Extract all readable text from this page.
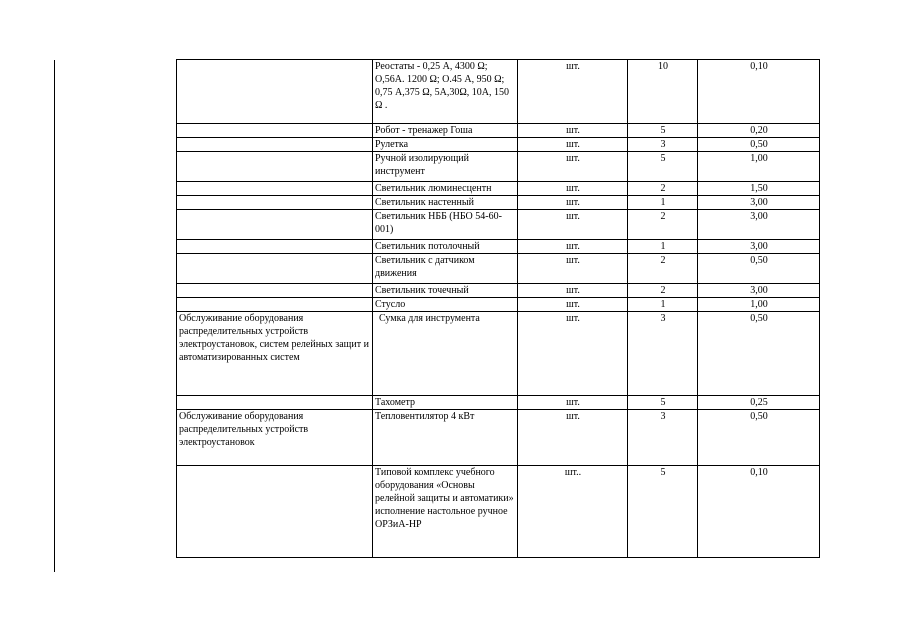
	Реостаты - 0,25 А, 4300 Ω; О,56А. 1200 Ω; О.45 А, 950 Ω; 0,75 А,375 Ω, 5А,30Ω, 10А, 150 Ω .	шт.	10	0,10
	Робот - тренажер Гоша	шт.	5	0,20
	Рулетка	шт.	3	0,50
	Ручной изолирующий инструмент	шт.	5	1,00
	Светильник люминесцентн	шт.	2	1,50
	Светильник настенный	шт.	1	3,00
	Светильник НББ (НБО 54-60-001)	шт.	2	3,00
	Светильник потолочный	шт.	1	3,00
	Светильник с датчиком движения	шт.	2	0,50
	Светильник точечный	шт.	2	3,00
	Стусло	шт.	1	1,00
Обслуживание оборудования распределительных устройств электроустановок, систем релейных защит и автоматизированных систем	Сумка для инструмента	шт.	3	0,50
	Тахометр	шт.	5	0,25
Обслуживание оборудования распределительных устройств электроустановок	Тепловентилятор 4 кВт	шт.	3	0,50
	Типовой комплекс учебного оборудования «Основы релейной защиты и автоматики» исполнение настольное ручное ОРЗиА-НР	шт..	5	0,10
